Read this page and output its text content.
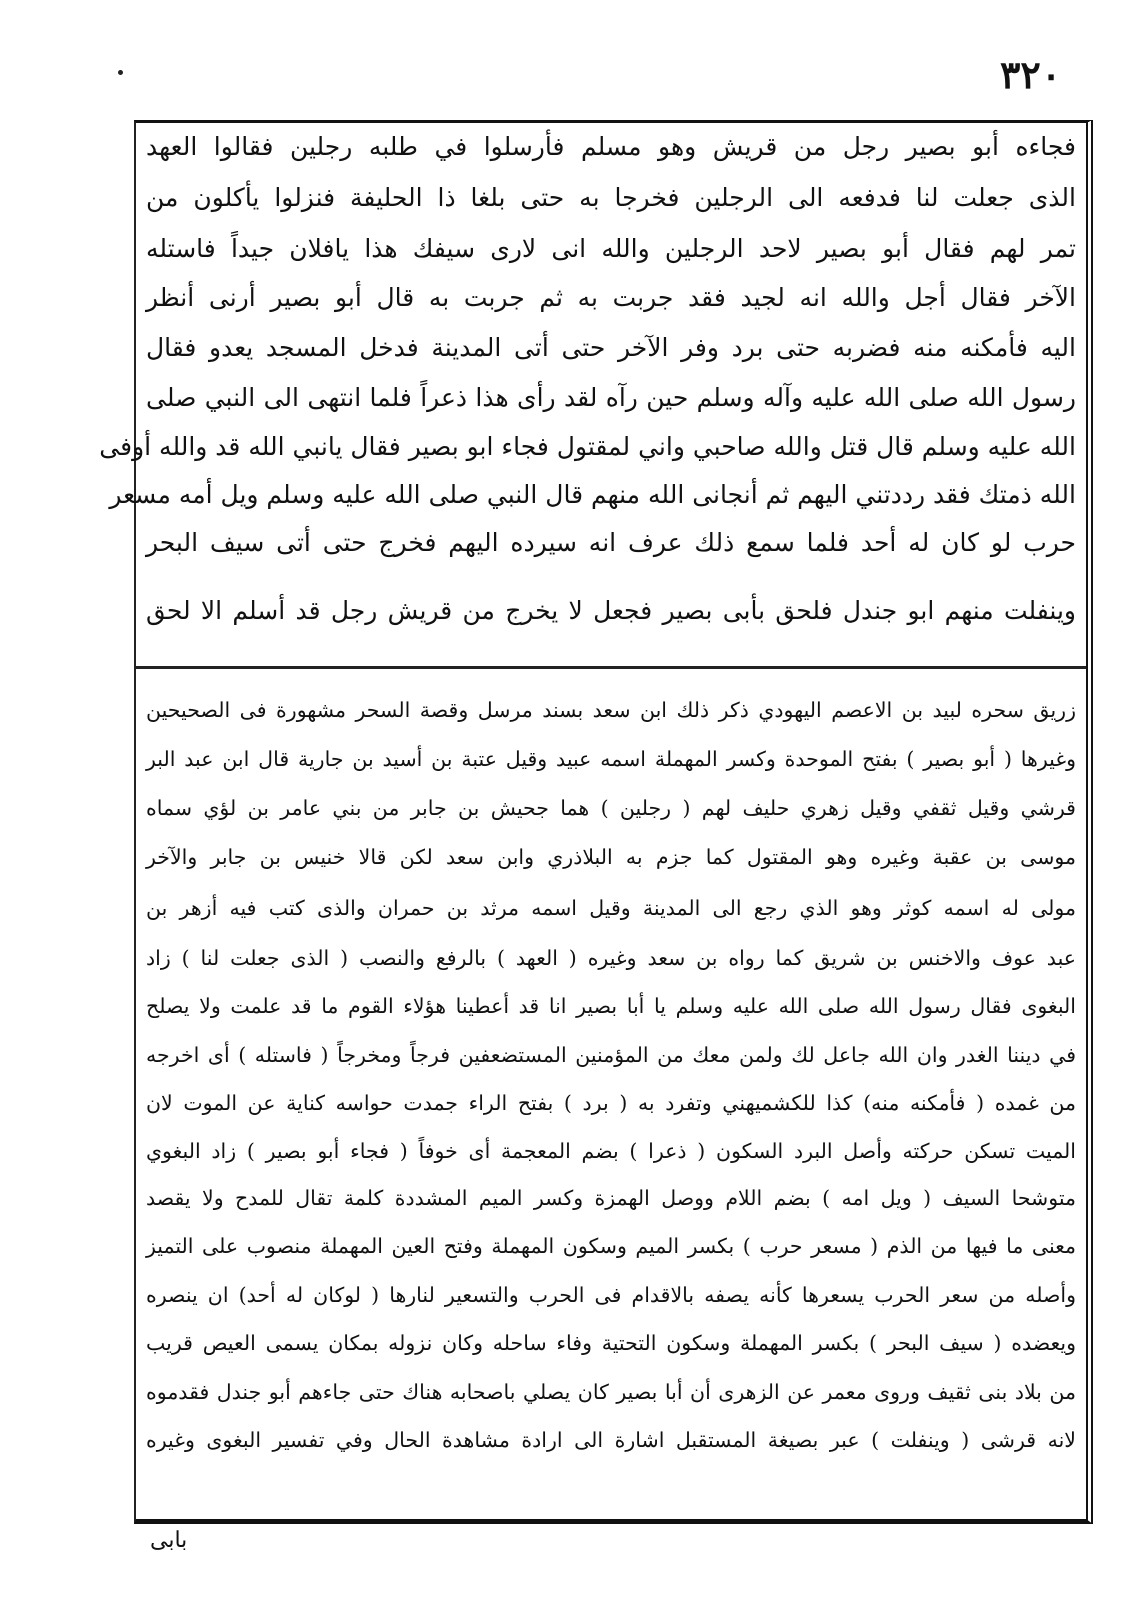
٣٢٠
فجاءه أبو بصير رجل من قريش وهو مسلم فأرسلوا في طلبه رجلين فقالوا العهد
الذى جعلت لنا فدفعه الى الرجلين فخرجا به حتى بلغا ذا الحليفة فنزلوا يأكلون من
تمر لهم فقال أبو بصير لاحد الرجلين والله انى لارى سيفك هذا يافلان جيداً فاستله
الآخر فقال أجل والله انه لجيد فقد جربت به ثم جربت به قال أبو بصير أرنى أنظر
اليه فأمكنه منه فضربه حتى برد وفر الآخر حتى أتى المدينة فدخل المسجد يعدو فقال
رسول الله صلى الله عليه وآله وسلم حين رآه لقد رأى هذا ذعراً فلما انتهى الى النبي صلى
الله عليه وسلم قال قتل والله صاحبي واني لمقتول فجاء ابو بصير فقال يانبي الله قد والله أوفى
الله ذمتك فقد رددتني اليهم ثم أنجانى الله منهم قال النبي صلى الله عليه وسلم ويل أمه مسعر
حرب لو كان له أحد فلما سمع ذلك عرف انه سيرده اليهم فخرج حتى أتى سيف البحر
وينفلت منهم ابو جندل فلحق بأبى بصير فجعل لا يخرج من قريش رجل قد أسلم الا لحق
زريق سحره لبيد بن الاعصم اليهودي ذكر ذلك ابن سعد بسند مرسل وقصة السحر مشهورة فى الصحيحين
وغيرها ( أبو بصير ) بفتح الموحدة وكسر المهملة اسمه عبيد وقيل عتبة بن أسيد بن جارية قال ابن عبد البر
قرشي وقيل ثقفي وقيل زهري حليف لهم ( رجلين ) هما جحيش بن جابر من بني عامر بن لؤي سماه
موسى بن عقبة وغيره وهو المقتول كما جزم به البلاذري وابن سعد لكن قالا خنيس بن جابر والآخر
مولى له اسمه كوثر وهو الذي رجع الى المدينة وقيل اسمه مرثد بن حمران والذى كتب فيه أزهر بن
عبد عوف والاخنس بن شريق كما رواه بن سعد وغيره ( العهد ) بالرفع والنصب ( الذى جعلت لنا ) زاد
البغوى فقال رسول الله صلى الله عليه وسلم يا أبا بصير انا قد أعطينا هؤلاء القوم ما قد علمت ولا يصلح
في ديننا الغدر وان الله جاعل لك ولمن معك من المؤمنين المستضعفين فرجاً ومخرجاً ( فاستله ) أى اخرجه
من غمده ( فأمكنه منه) كذا للكشميهني وتفرد به ( برد ) بفتح الراء جمدت حواسه كناية عن الموت لان
الميت تسكن حركته وأصل البرد السكون ( ذعرا ) بضم المعجمة أى خوفاً ( فجاء أبو بصير ) زاد البغوي
متوشحا السيف ( ويل امه ) بضم اللام ووصل الهمزة وكسر الميم المشددة كلمة تقال للمدح ولا يقصد
معنى ما فيها من الذم ( مسعر حرب ) بكسر الميم وسكون المهملة وفتح العين المهملة منصوب على التميز
وأصله من سعر الحرب يسعرها كأنه يصفه بالاقدام فى الحرب والتسعير لنارها ( لوكان له أحد) ان ينصره
ويعضده ( سيف البحر ) بكسر المهملة وسكون التحتية وفاء ساحله وكان نزوله بمكان يسمى العيص قريب
من بلاد بنى ثقيف وروى معمر عن الزهرى أن أبا بصير كان يصلي باصحابه هناك حتى جاءهم أبو جندل فقدموه
لانه قرشى ( وينفلت ) عبر بصيغة المستقبل اشارة الى ارادة مشاهدة الحال وفي تفسير البغوى وغيره
بابى
